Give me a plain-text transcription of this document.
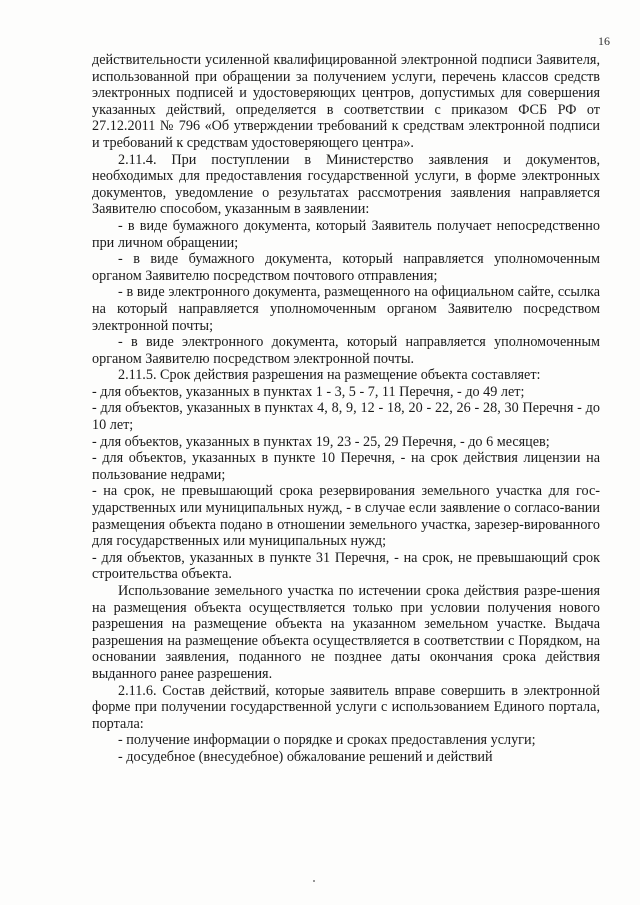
16

действительности усиленной квалифицированной электронной подписи Заявителя, использованной при обращении за получением услуги, перечень классов средств электронных подписей и удостоверяющих центров, допустимых для совершения указанных действий, определяется в соответствии с приказом ФСБ РФ от 27.12.2011 № 796 «Об утверждении требований к средствам электронной подписи и требований к средствам удостоверяющего центра».

2.11.4. При поступлении в Министерство заявления и документов, необходимых для предоставления государственной услуги, в форме электронных документов, уведомление о результатах рассмотрения заявления направляется Заявителю способом, указанным в заявлении:

- в виде бумажного документа, который Заявитель получает непосредственно при личном обращении;

- в виде бумажного документа, который направляется уполномоченным органом Заявителю посредством почтового отправления;

- в виде электронного документа, размещенного на официальном сайте, ссылка на который направляется уполномоченным органом Заявителю посредством электронной почты;

- в виде электронного документа, который направляется уполномоченным органом Заявителю посредством электронной почты.

2.11.5. Срок действия разрешения на размещение объекта составляет:

- для объектов, указанных в пунктах 1 - 3, 5 - 7, 11 Перечня, - до 49 лет;

- для объектов, указанных в пунктах 4, 8, 9, 12 - 18, 20 - 22, 26 - 28, 30 Перечня - до 10 лет;

- для объектов, указанных в пунктах 19, 23 - 25, 29 Перечня, - до 6 месяцев;

- для объектов, указанных в пункте 10 Перечня, - на срок действия лицензии на пользование недрами;

- на срок, не превышающий срока резервирования земельного участка для гос-ударственных или муниципальных нужд, - в случае если заявление о согласо-вании размещения объекта подано в отношении земельного участка, зарезер-вированного для государственных или муниципальных нужд;

- для объектов, указанных в пункте 31 Перечня, - на срок, не превышающий срок строительства объекта.

Использование земельного участка по истечении срока действия разре-шения на размещения объекта осуществляется только при условии получения нового разрешения на размещение объекта на указанном земельном участке. Выдача разрешения на размещение объекта осуществляется в соответствии с Порядком, на основании заявления, поданного не позднее даты окончания срока действия выданного ранее разрешения.

2.11.6. Состав действий, которые заявитель вправе совершить в электронной форме при получении государственной услуги с использованием Единого портала, портала:

- получение информации о порядке и сроках предоставления услуги;

- досудебное (внесудебное) обжалование решений и действий
